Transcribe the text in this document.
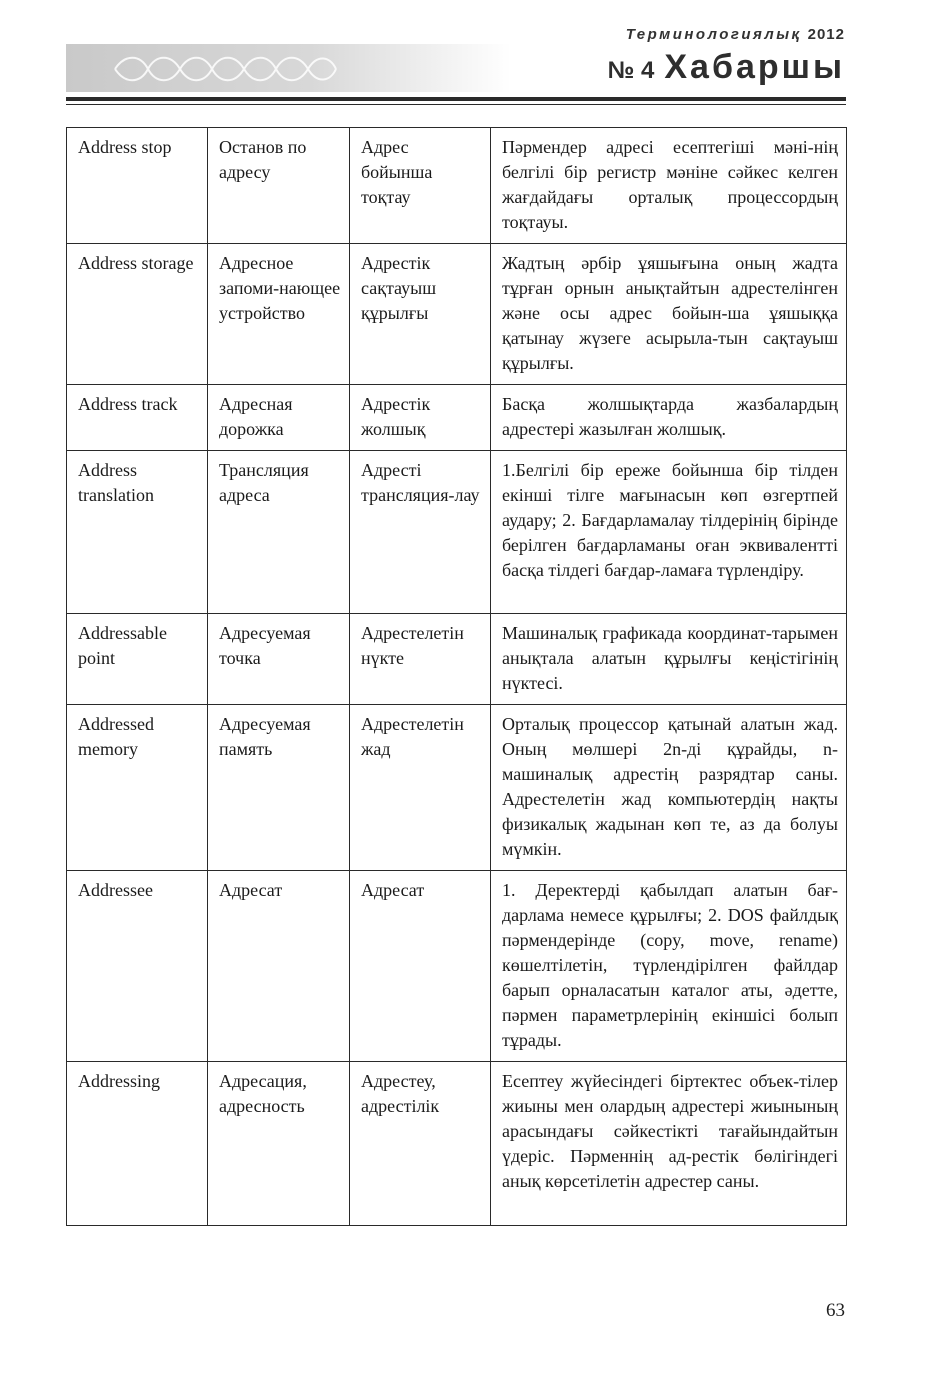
Терминологиялық 2012
№ 4 Хабаршы
Address stop	Останов по адресу	Адрес бойынша тоқтау	Пәрмендер адресі есептегіші мәні-нің белгілі бір регистр мәніне сәйкес келген жағдайдағы орталық процессордың тоқтауы.
Address storage	Адресное запоми-нающее устройство	Адрестік сақтауыш құрылғы	Жадтың әрбір ұяшығына оның жадта тұрған орнын анықтайтын адрестелінген және осы адрес бойын-ша ұяшыққа қатынау жүзеге асырыла-тын сақтауыш құрылғы.
Address track	Адресная дорожка	Адрестік жолшық	Басқа жолшықтарда жазбалардың адрестері жазылған жолшық.
Address translation	Трансляция адреса	Адресті трансляция-лау	1.Белгілі бір ереже бойынша бір тілден екінші тілге мағынасын көп өзгертпей аудару; 2. Бағдарламалау тілдерінің бірінде берілген бағдарламаны оған эквивалентті басқа тілдегі бағдар-ламаға түрлендіру.
Addressable point	Адресуемая точка	Адрестелетін нүкте	Машиналық графикада координат-тарымен анықтала алатын құрылғы кеңістігінің нүктесі.
Addressed memory	Адресуемая память	Адрестелетін жад	Орталық процессор қатынай алатын жад. Оның мөлшері 2n-ді құрайды, n-машиналық адрестің разрядтар саны. Адрестелетін жад компьютердің нақты физикалық жадынан көп те, аз да болуы мүмкін.
Addressee	Адресат	Адресат	1. Деректерді қабылдап алатын бағ-дарлама немесе құрылғы; 2. DOS файлдық пәрмендерінде (copy, move, rename) көшелтілетін, түрлендірілген файлдар барып орналасатын каталог аты, әдетте, пәрмен параметрлерінің екіншісі болып тұрады.
Addressing	Адресация, адресность	Адрестеу, адрестілік	Есептеу жүйесіндегі біртектес объек-тілер жиыны мен олардың адрестері жиынының арасындағы сәйкестікті тағайындайтын үдеріс. Пәрменнің ад-рестік бөлігіндегі анық көрсетілетін адрестер саны.
63
